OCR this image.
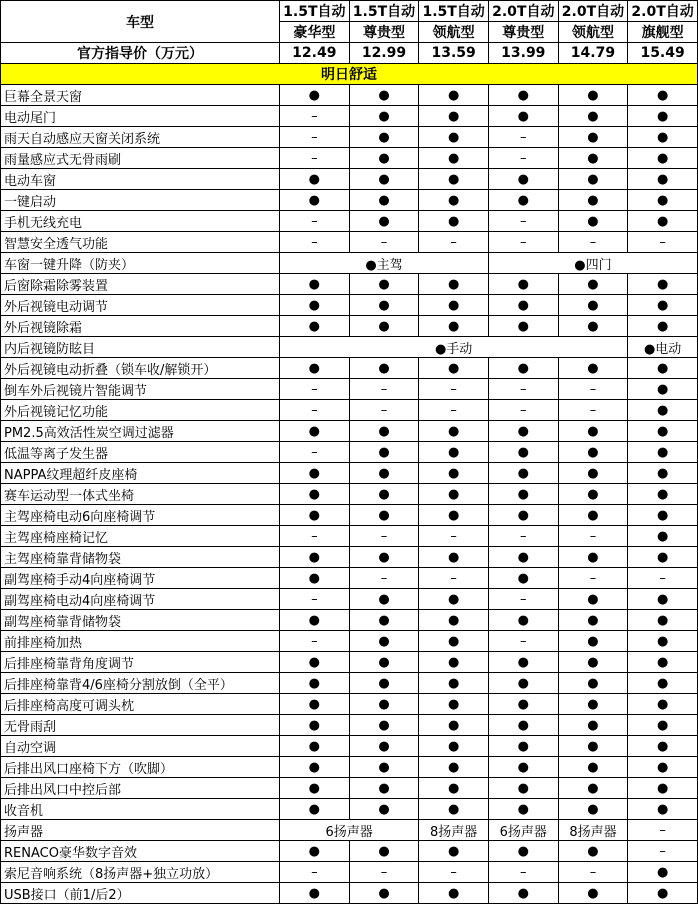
车型	1.5T自动	1.5T自动	1.5T自动	2.0T自动	2.0T自动	2.0T自动
	豪华型	尊贵型	领航型	尊贵型	领航型	旗舰型
官方指导价（万元）	12.49	12.99	13.59	13.99	14.79	15.49
明日舒适						
巨幕全景天窗	●	●	●	●	●	●
电动尾门	–	●	●	●	●	●
雨天自动感应天窗关闭系统	–	●	●	–	●	●
雨量感应式无骨雨刷	–	●	●	–	●	●
电动车窗	●	●	●	●	●	●
一键启动	●	●	●	●	●	●
手机无线充电	–	●	●	–	●	●
智慧安全透气功能	–	–	–	–	–	–
车窗一键升降（防夹）	●主驾			●四门		
后窗除霜除雾装置	●	●	●	●	●	●
外后视镜电动调节	●	●	●	●	●	●
外后视镜除霜	●	●	●	●	●	●
内后视镜防眩目	●手动					●电动
外后视镜电动折叠（锁车收/解锁开）	●	●	●	●	●	●
倒车外后视镜片智能调节	–	–	–	–	–	●
外后视镜记忆功能	–	–	–	–	–	●
PM2.5高效活性炭空调过滤器	●	●	●	●	●	●
低温等离子发生器	–	●	●	●	●	●
NAPPA纹理超纤皮座椅	●	●	●	●	●	●
赛车运动型一体式坐椅	●	●	●	●	●	●
主驾座椅电动6向座椅调节	●	●	●	●	●	●
主驾座椅座椅记忆	–	–	–	–	–	●
主驾座椅靠背储物袋	●	●	●	●	●	●
副驾座椅手动4向座椅调节	●	–	–	●	–	–
副驾座椅电动4向座椅调节	–	●	●	–	●	●
副驾座椅靠背储物袋	●	●	●	●	●	●
前排座椅加热	–	●	●	–	●	●
后排座椅靠背角度调节	●	●	●	●	●	●
后排座椅靠背4/6座椅分割放倒（全平）	●	●	●	●	●	●
后排座椅高度可调头枕	●	●	●	●	●	●
无骨雨刮	●	●	●	●	●	●
自动空调	●	●	●	●	●	●
后排出风口座椅下方（吹脚）	●	●	●	●	●	●
后排出风口中控后部	●	●	●	●	●	●
收音机	●	●	●	●	●	●
扬声器	6扬声器		8扬声器	6扬声器	8扬声器	–
RENACO豪华数字音效	●	●	●	●	●	–
索尼音响系统（8扬声器+独立功放）	–	–	–	–	–	●
USB接口（前1/后2）	●	●	●	●	●	●
